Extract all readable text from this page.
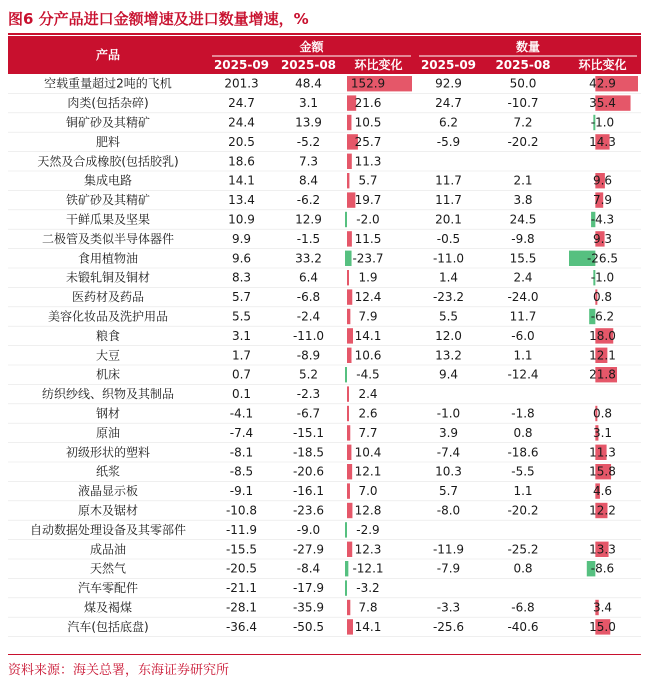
图6 分产品进口金额增速及进口数量增速，%
产品
金额	数量
2025-09 2025-08 环比变化 2025-09 2025-08 环比变化
空载重量超过2吨的飞机	201.3	48.4 152.9	92.9	50.0	42.9
肉类(包括杂碎)	24.7	3.1	21.6	24.7	-10.7	35.4
铜矿砂及其精矿	24.4	13.9	10.5	6.2	7.2	-1.0
肥料	20.5	-5.2	25.7	-5.9	-20.2	14.3
天然及合成橡胶(包括胶乳)	18.6	7.3	11.3
集成电路	14.1	8.4	5.7	11.7	2.1	9.6
铁矿砂及其精矿	13.4	-6.2	19.7	11.7	3.8	7.9
干鲜瓜果及坚果	10.9	12.9	-2.0	20.1	24.5	-4.3
二极管及类似半导体器件	9.9	-1.5	11.5	-0.5	-9.8	9.3
食用植物油	9.6	33.2	-23.7	-11.0	15.5	-26.5
未锻轧铜及铜材	8.3	6.4	1.9	1.4	2.4	-1.0
医药材及药品	5.7	-6.8	12.4	-23.2	-24.0	0.8
美容化妆品及洗护用品	5.5	-2.4	7.9	5.5	11.7	-6.2
粮食	3.1	-11.0	14.1	12.0	-6.0	18.0
大豆	1.7	-8.9	10.6	13.2	1.1	12.1
机床	0.7	5.2	-4.5	9.4	-12.4	21.8
纺织纱线、织物及其制品	0.1	-2.3	2.4
钢材	-4.1	-6.7	2.6	-1.0	-1.8	0.8
原油	-7.4	-15.1	7.7	3.9	0.8	3.1
初级形状的塑料	-8.1	-18.5	10.4	-7.4	-18.6	11.3
纸浆	-8.5	-20.6	12.1	10.3	-5.5	15.8
液晶显示板	-9.1	-16.1	7.0	5.7	1.1	4.6
原木及锯材	-10.8	-23.6	12.8	-8.0	-20.2	12.2
自动数据处理设备及其零部件	-11.9	-9.0	-2.9
成品油	-15.5	-27.9	12.3	-11.9	-25.2	13.3
天然气	-20.5	-8.4	-12.1	-7.9	0.8	-8.6
汽车零配件	-21.1	-17.9	-3.2
煤及褐煤	-28.1	-35.9	7.8	-3.3	-6.8	3.4
汽车(包括底盘)	-36.4	-50.5	14.1	-25.6	-40.6	15.0
资料来源：海关总署，东海证券研究所
